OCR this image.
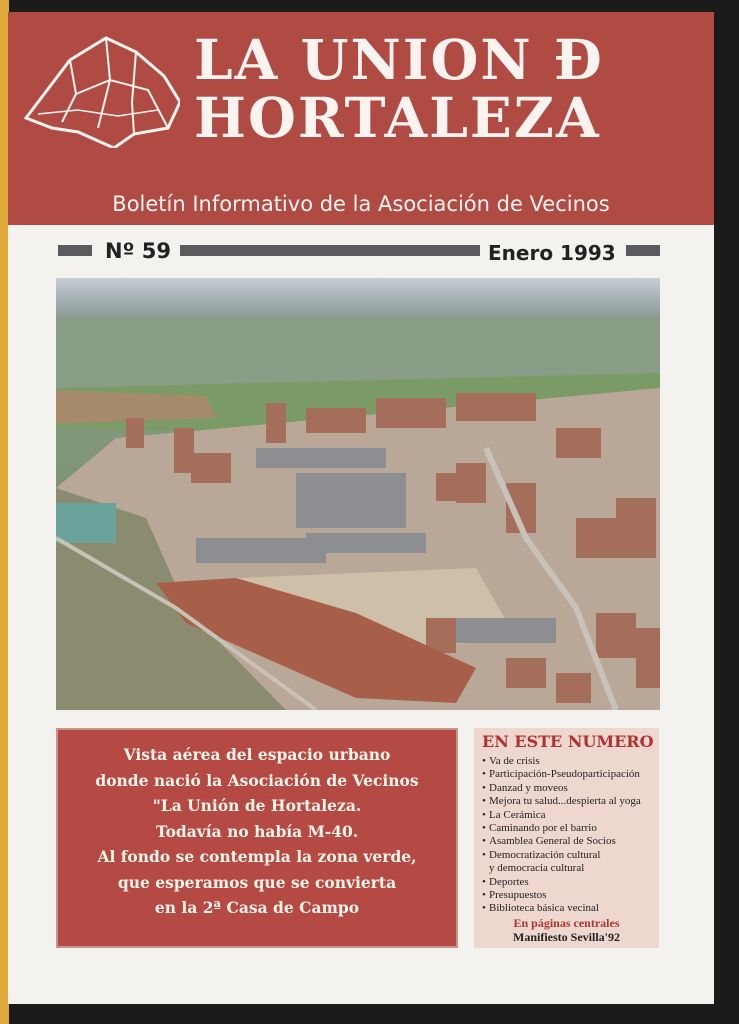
LA UNION Đ
HORTALEZA
Boletín Informativo de la Asociación de Vecinos
Nº 59	Enero 1993
Vista aérea del espacio urbano
donde nació la Asociación de Vecinos
"La Unión de Hortaleza.
Todavía no había M-40.
Al fondo se contempla la zona verde,
que esperamos que se convierta
en la 2ª Casa de Campo
EN ESTE NUMERO
• Va de crisis
• Participación-Pseudoparticipación
• Danzad y moveos
• Mejora tu salud...despierta al yoga
• La Cerámica
• Caminando por el barrio
• Asamblea General de Socios
• Democratización cultural
y democracia cultural
• Deportes
• Presupuestos
• Biblioteca básica vecinal
En páginas centrales
Manifiesto Sevilla'92
